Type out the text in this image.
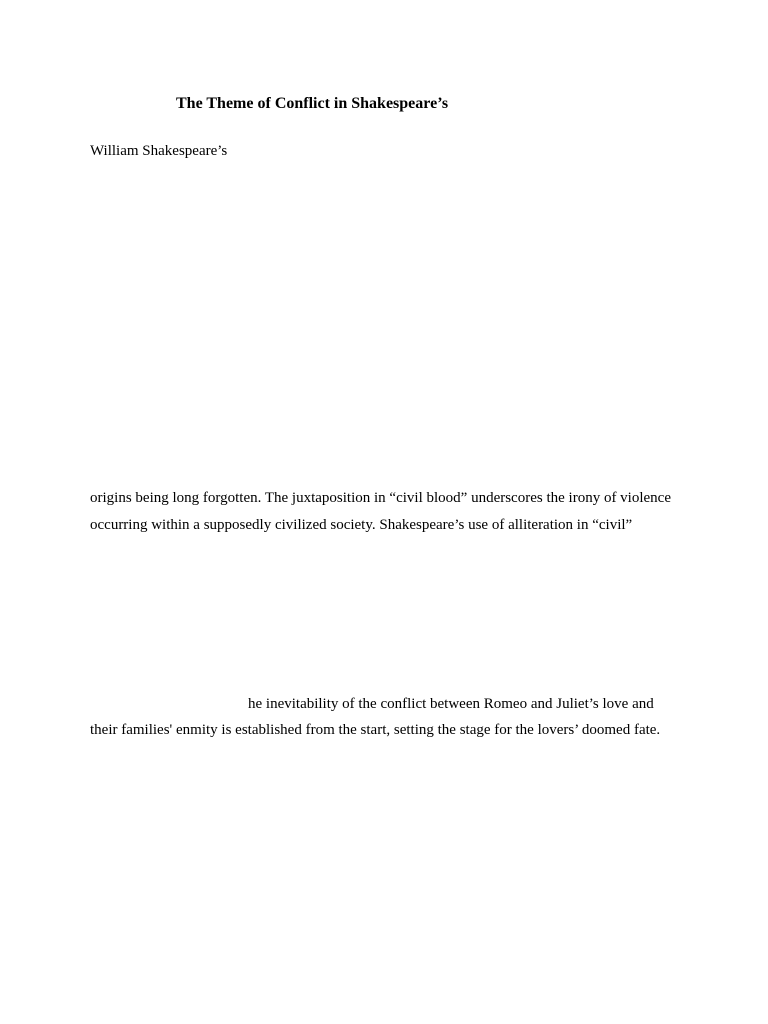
The Theme of Conflict in Shakespeare’s
William Shakespeare’s
origins being long forgotten. The juxtaposition in “civil blood” underscores the irony of violence
occurring within a supposedly civilized society. Shakespeare’s use of alliteration in “civil”
he inevitability of the conflict between Romeo and Juliet’s love and
their families' enmity is established from the start, setting the stage for the lovers’ doomed fate.
